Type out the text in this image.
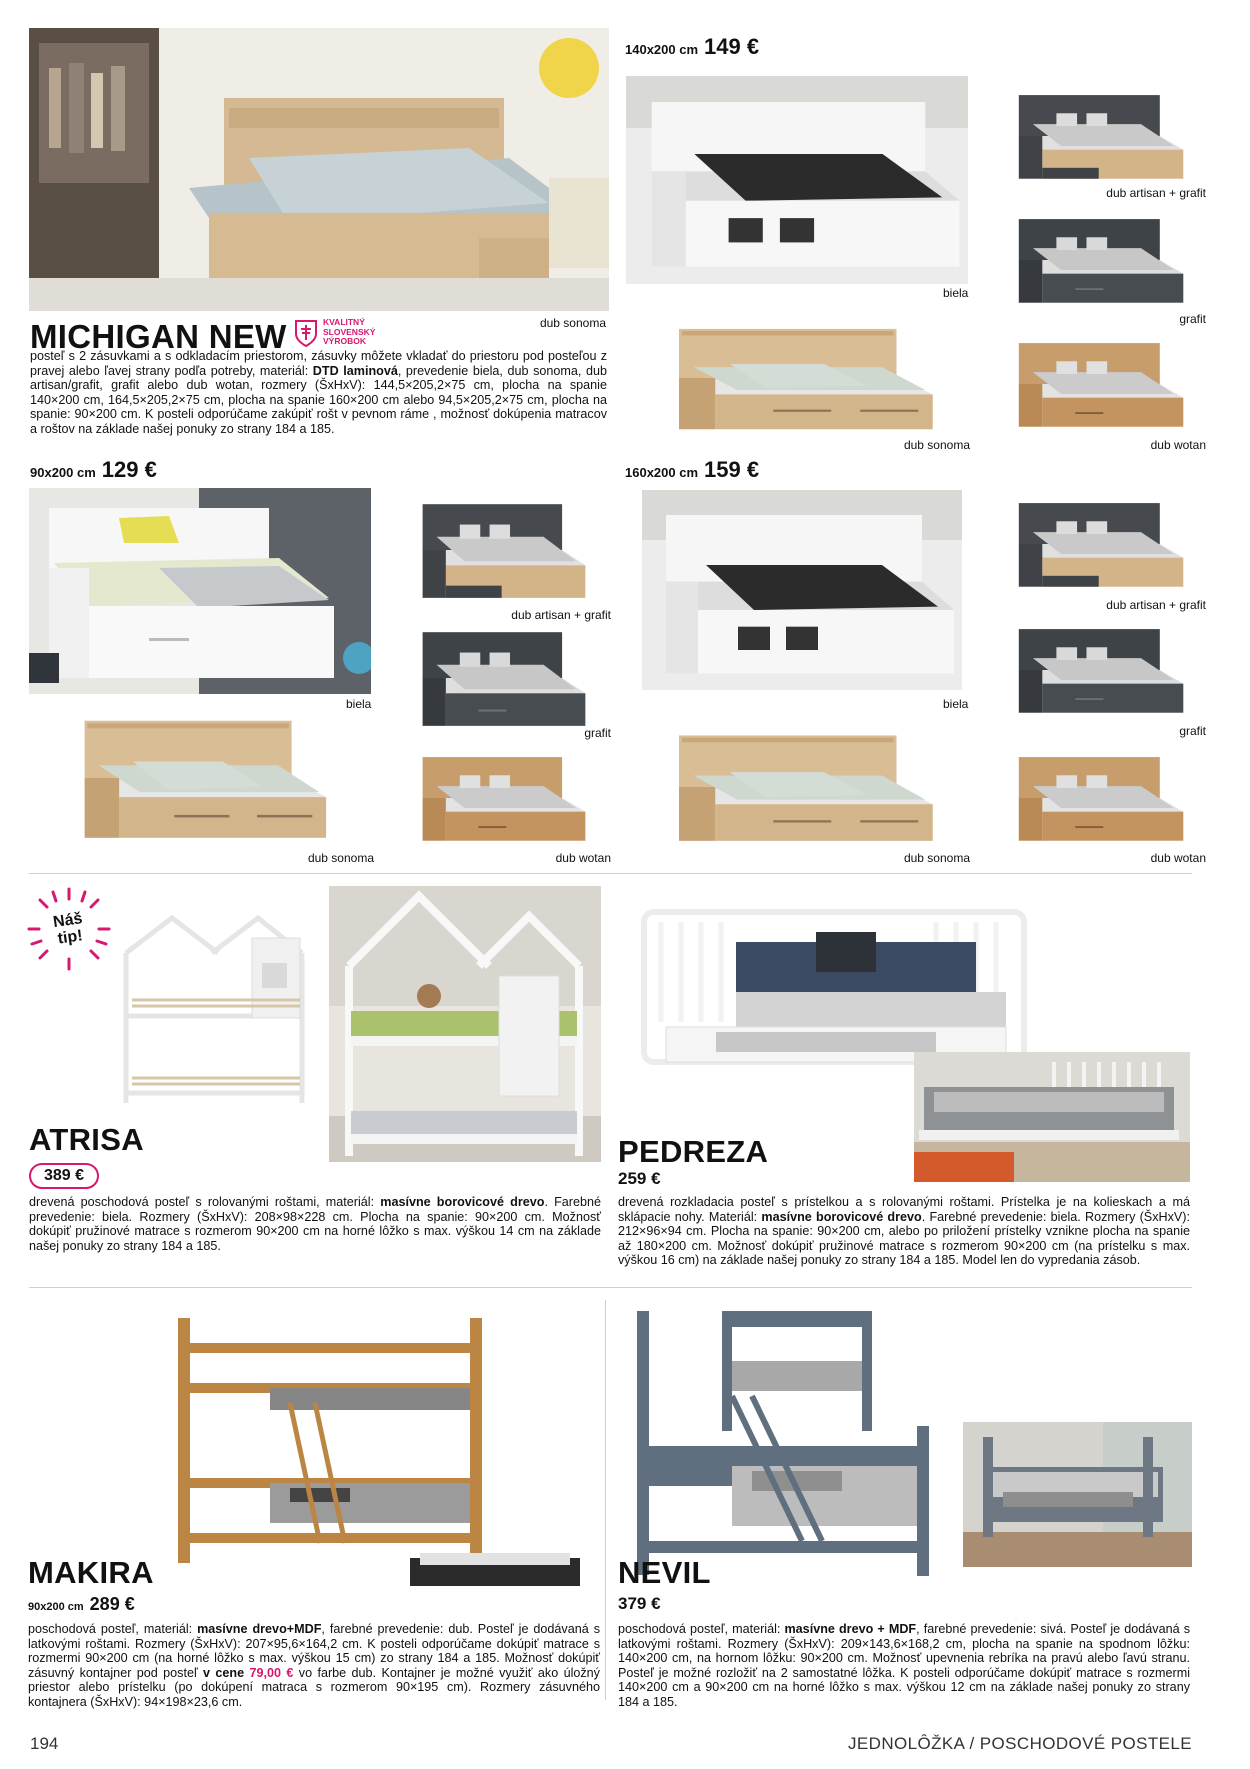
dub sonoma
MICHIGAN NEW	KVALITNÝ SLOVENSKÝ VÝROBOK

posteľ s 2 zásuvkami a s odkladacím priestorom, zásuvky môžete vkladať do priestoru pod posteľou z pravej alebo ľavej strany podľa potreby, materiál: DTD laminová, prevedenie biela, dub sonoma, dub artisan/grafit, grafit alebo dub wotan, rozmery (ŠxHxV): 144,5×205,2×75 cm, plocha na spanie 140×200 cm, 164,5×205,2×75 cm, plocha na spanie 160×200 cm alebo 94,5×205,2×75 cm, plocha na spanie: 90×200 cm. K posteli odporúčame zakúpiť rošt v pevnom ráme , možnosť dokúpenia matracov a roštov na základe našej ponuky zo strany 184 a 185.

140x200 cm 149 €
biela
dub artisan + grafit
grafit
dub sonoma	dub wotan
90x200 cm 129 €
biela
dub artisan + grafit
grafit
dub sonoma	dub wotan
160x200 cm 159 €
biela
dub artisan + grafit
grafit
dub sonoma	dub wotan
Náš tip!
ATRISA
389 €

drevená poschodová posteľ s rolovanými roštami, materiál: masívne borovicové drevo. Farebné prevedenie: biela. Rozmery (ŠxHxV): 208×98×228 cm. Plocha na spanie: 90×200 cm. Možnosť dokúpiť pružinové matrace s rozmerom 90×200 cm na horné lôžko s max. výškou 14 cm na základe našej ponuky zo strany 184 a 185.

PEDREZA
259 €

drevená rozkladacia posteľ s prístelkou a s rolovanými roštami. Prístelka je na kolieskach a má sklápacie nohy. Materiál: masívne borovicové drevo. Farebné prevedenie: biela. Rozmery (ŠxHxV): 212×96×94 cm. Plocha na spanie: 90×200 cm, alebo po priložení prístelky vznikne plocha na spanie až 180×200 cm. Možnosť dokúpiť pružinové matrace s rozmerom 90×200 cm (na prístelku s max. výškou 16 cm) na základe našej ponuky zo strany 184 a 185. Model len do vypredania zásob.

MAKIRA
90x200 cm 289 €

poschodová posteľ, materiál: masívne drevo+MDF, farebné prevedenie: dub. Posteľ je dodávaná s latkovými roštami. Rozmery (ŠxHxV): 207×95,6×164,2 cm. K posteli odporúčame dokúpiť matrace s rozmermi 90×200 cm (na horné lôžko s max. výškou 15 cm) zo strany 184 a 185. Možnosť dokúpiť zásuvný kontajner pod posteľ v cene 79,00 € vo farbe dub. Kontajner je možné využiť ako úložný priestor alebo prístelku (po dokúpení matraca s rozmerom 90×195 cm). Rozmery zásuvného kontajnera (ŠxHxV): 94×198×23,6 cm.

NEVIL
379 €

poschodová posteľ, materiál: masívne drevo + MDF, farebné prevedenie: sivá. Posteľ je dodávaná s latkovými roštami. Rozmery (ŠxHxV): 209×143,6×168,2 cm, plocha na spanie na spodnom lôžku: 140×200 cm, na hornom lôžku: 90×200 cm. Možnosť upevnenia rebríka na pravú alebo ľavú stranu. Posteľ je možné rozložiť na 2 samostatné lôžka. K posteli odporúčame dokúpiť matrace s rozmermi 140×200 cm a 90×200 cm na horné lôžko s max. výškou 12 cm na základe našej ponuky zo strany 184 a 185.

194	JEDNOLÔŽKA / POSCHODOVÉ POSTELE
